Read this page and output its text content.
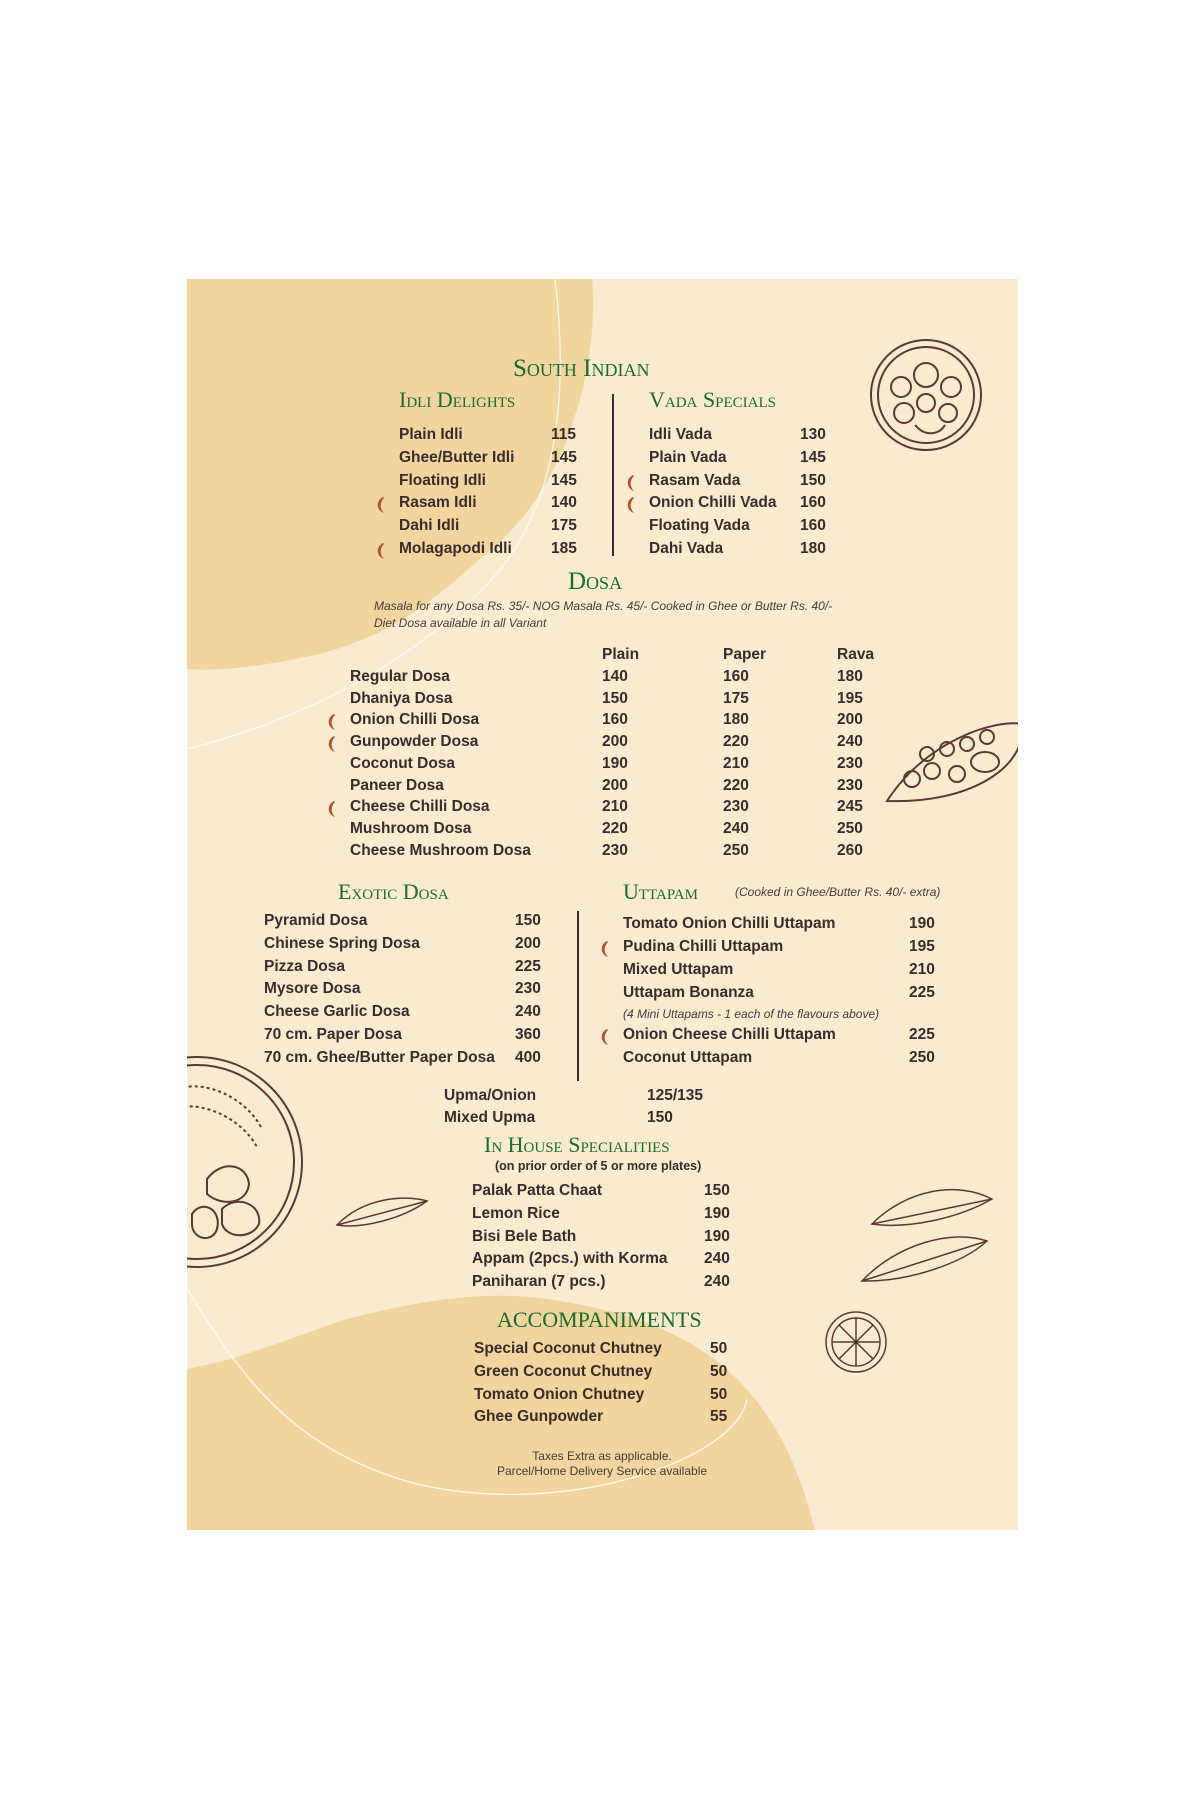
South Indian
Idli Delights
Plain Idli	115
Ghee/Butter Idli 145
Floating Idli	145
Rasam Idli	140
Dahi Idli	175
Molagapodi Idli	185
Vada Specials
Idli Vada	130
Plain Vada	145
Rasam Vada	150
Onion Chilli Vada 160
Floating Vada	160
Dahi Vada	180
Dosa
Masala for any Dosa Rs. 35/- NOG Masala Rs. 45/- Cooked in Ghee or Butter Rs. 40/-
Diet Dosa available in all Variant
Plain	Paper	Rava
Regular Dosa	140	160	180
Dhaniya Dosa	150	175	195
Onion Chilli Dosa	160	180	200
Gunpowder Dosa	200	220	240
Coconut Dosa	190	210	230
Paneer Dosa	200	220	230
Cheese Chilli Dosa	210	230	245
Mushroom Dosa	220	240	250
Cheese Mushroom Dosa	230	250	260
Exotic Dosa
Pyramid Dosa	150
Chinese Spring Dosa	200
Pizza Dosa	225
Mysore Dosa	230
Cheese Garlic Dosa	240
70 cm. Paper Dosa	360
70 cm. Ghee/Butter Paper Dosa 400
Uttapam	(Cooked in Ghee/Butter Rs. 40/- extra)
Tomato Onion Chilli Uttapam	190
Pudina Chilli Uttapam	195
Mixed Uttapam	210
Uttapam Bonanza	225
Onion Cheese Chilli Uttapam	225
Coconut Uttapam	250
(4 Mini Uttapams - 1 each of the flavours above)
Upma/Onion	125/135
Mixed Upma	150
In House Specialities
(on prior order of 5 or more plates)
Palak Patta Chaat	150
Lemon Rice	190
Bisi Bele Bath	190
Appam (2pcs.) with Korma 240
Paniharan (7 pcs.)	240
ACCOMPANIMENTS
Special Coconut Chutney	50
Green Coconut Chutney	50
Tomato Onion Chutney	50
Ghee Gunpowder	55
Taxes Extra as applicable.
Parcel/Home Delivery Service available
